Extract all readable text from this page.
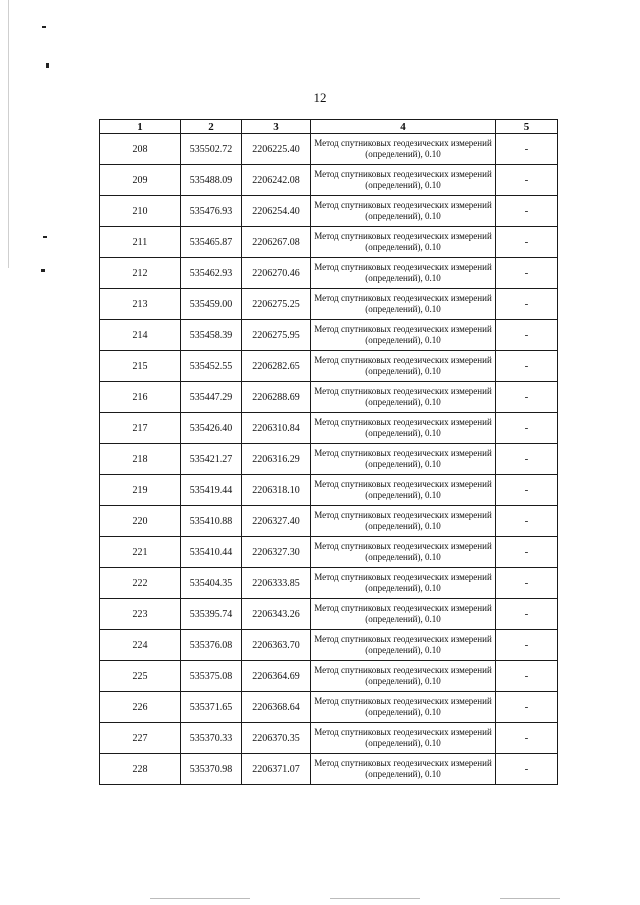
12
1	2	3	4	5
208	535502.72	2206225.40	Метод спутниковых геодезических измерений (определений), 0.10	-
209	535488.09	2206242.08	Метод спутниковых геодезических измерений (определений), 0.10	-
210	535476.93	2206254.40	Метод спутниковых геодезических измерений (определений), 0.10	-
211	535465.87	2206267.08	Метод спутниковых геодезических измерений (определений), 0.10	-
212	535462.93	2206270.46	Метод спутниковых геодезических измерений (определений), 0.10	-
213	535459.00	2206275.25	Метод спутниковых геодезических измерений (определений), 0.10	-
214	535458.39	2206275.95	Метод спутниковых геодезических измерений (определений), 0.10	-
215	535452.55	2206282.65	Метод спутниковых геодезических измерений (определений), 0.10	-
216	535447.29	2206288.69	Метод спутниковых геодезических измерений (определений), 0.10	-
217	535426.40	2206310.84	Метод спутниковых геодезических измерений (определений), 0.10	-
218	535421.27	2206316.29	Метод спутниковых геодезических измерений (определений), 0.10	-
219	535419.44	2206318.10	Метод спутниковых геодезических измерений (определений), 0.10	-
220	535410.88	2206327.40	Метод спутниковых геодезических измерений (определений), 0.10	-
221	535410.44	2206327.30	Метод спутниковых геодезических измерений (определений), 0.10	-
222	535404.35	2206333.85	Метод спутниковых геодезических измерений (определений), 0.10	-
223	535395.74	2206343.26	Метод спутниковых геодезических измерений (определений), 0.10	-
224	535376.08	2206363.70	Метод спутниковых геодезических измерений (определений), 0.10	-
225	535375.08	2206364.69	Метод спутниковых геодезических измерений (определений), 0.10	-
226	535371.65	2206368.64	Метод спутниковых геодезических измерений (определений), 0.10	-
227	535370.33	2206370.35	Метод спутниковых геодезических измерений (определений), 0.10	-
228	535370.98	2206371.07	Метод спутниковых геодезических измерений (определений), 0.10	-
